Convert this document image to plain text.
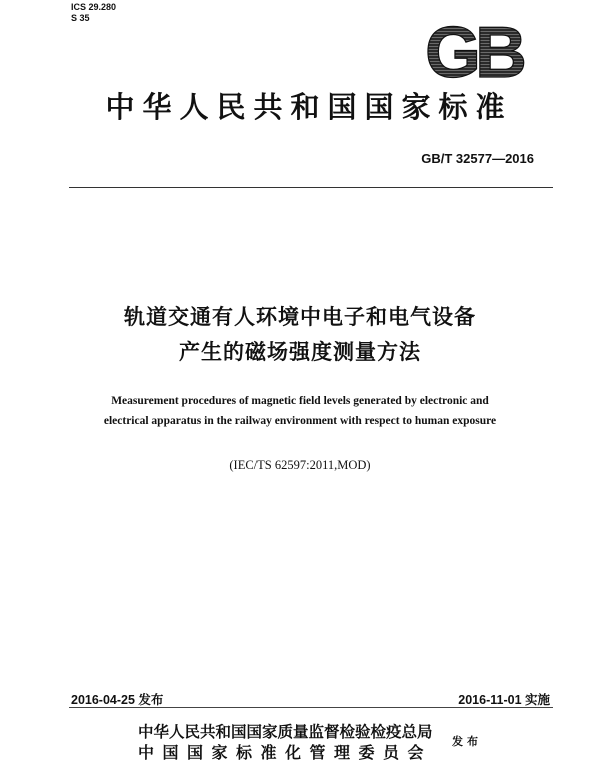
ICS 29.280
S 35	GB
中华人民共和国国家标准
GB/T 32577—2016
轨道交通有人环境中电子和电气设备
产生的磁场强度测量方法
Measurement procedures of magnetic field levels generated by electronic and
electrical apparatus in the railway environment with respect to human exposure
(IEC/TS 62597:2011,MOD)
2016-04-25 发布	2016-11-01 实施
中华人民共和国国家质量监督检验检疫总局
中国国家标准化管理委员会
发布
